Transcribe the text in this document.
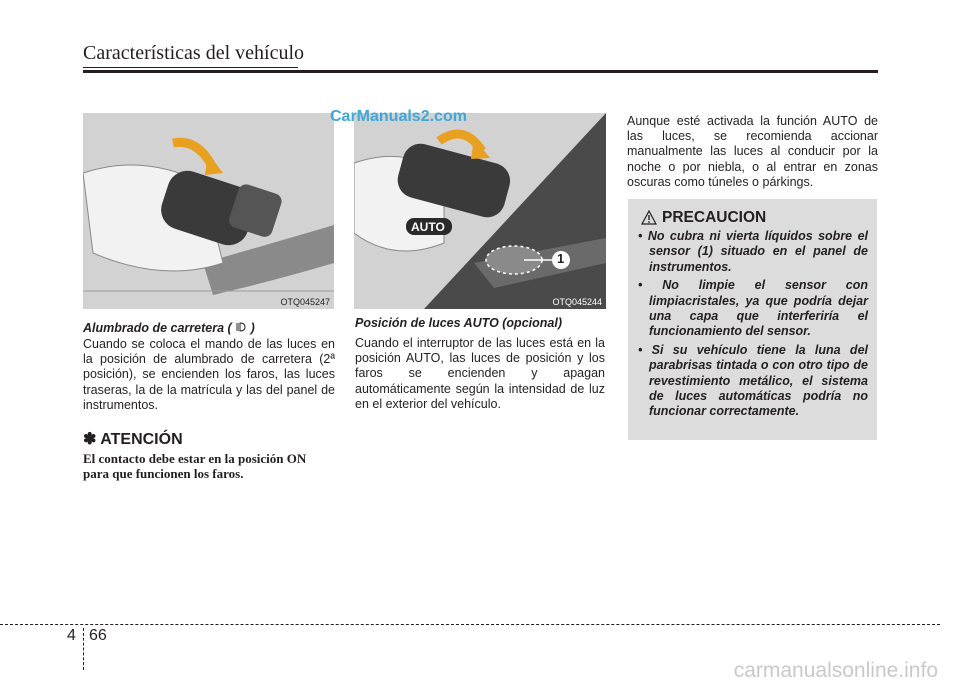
Características del vehículo
OTQ045247
AUTO
1
OTQ045244
CarManuals2.com
Alumbrado de carretera ( )

Cuando se coloca el mando de las luces en la posición de alumbrado de carretera (2ª posición), se encienden los faros, las luces traseras, la de la matrícula y las del panel de instrumentos.

✽ ATENCIÓN

El contacto debe estar en la posición ON para que funcionen los faros.

Posición de luces AUTO (opcional)

Cuando el interruptor de las luces está en la posición AUTO, las luces de posición y los faros se encienden y apagan automáticamente según la intensidad de luz en el exterior del vehículo.

Aunque esté activada la función AUTO de las luces, se recomienda accionar manualmente las luces al conducir por la noche o por niebla, o al entrar en zonas oscuras como túneles o párkings.

PRECAUCION
• No cubra ni vierta líquidos sobre el sensor (1) situado en el panel de instrumentos.
• No limpie el sensor con limpiacristales, ya que podría dejar una capa que interferiría el funcionamiento del sensor.
• Si su vehículo tiene la luna del parabrisas tintada o con otro tipo de revestimiento metálico, el sistema de luces automáticas podría no funcionar correctamente.
4 66
carmanualsonline.info
